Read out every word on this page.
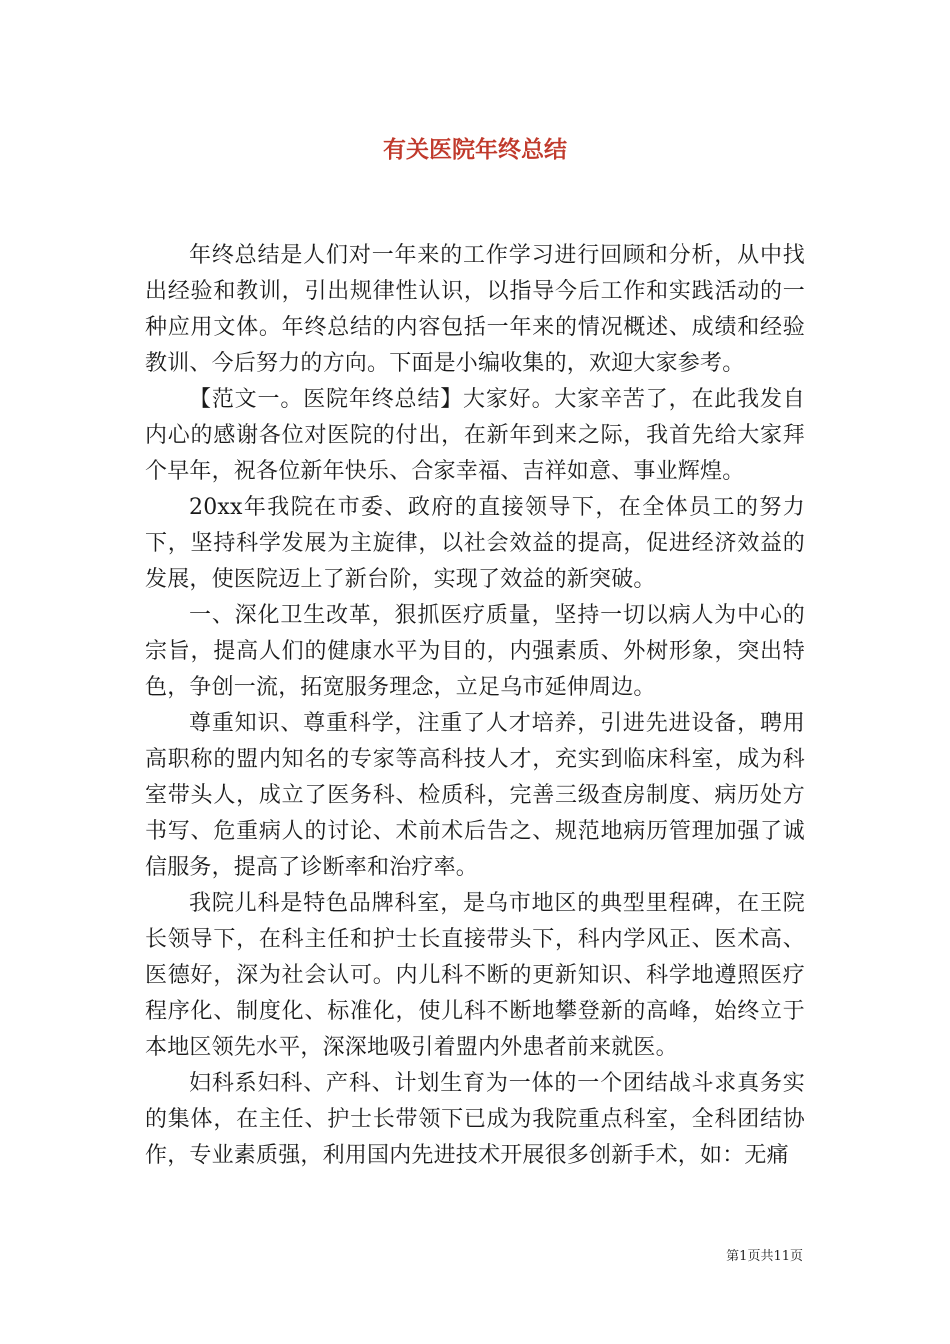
有关医院年终总结

年终总结是人们对一年来的工作学习进行回顾和分析，从中找出经验和教训，引出规律性认识，以指导今后工作和实践活动的一种应用文体。年终总结的内容包括一年来的情况概述、成绩和经验教训、今后努力的方向。下面是小编收集的，欢迎大家参考。

【范文一。医院年终总结】大家好。大家辛苦了，在此我发自内心的感谢各位对医院的付出，在新年到来之际，我首先给大家拜个早年，祝各位新年快乐、合家幸福、吉祥如意、事业辉煌。

20xx年我院在市委、政府的直接领导下，在全体员工的努力下，坚持科学发展为主旋律，以社会效益的提高，促进经济效益的发展，使医院迈上了新台阶，实现了效益的新突破。

一、深化卫生改革，狠抓医疗质量，坚持一切以病人为中心的宗旨，提高人们的健康水平为目的，内强素质、外树形象，突出特色，争创一流，拓宽服务理念，立足乌市延伸周边。

尊重知识、尊重科学，注重了人才培养，引进先进设备，聘用高职称的盟内知名的专家等高科技人才，充实到临床科室，成为科室带头人，成立了医务科、检质科，完善三级查房制度、病历处方书写、危重病人的讨论、术前术后告之、规范地病历管理加强了诚信服务，提高了诊断率和治疗率。

我院儿科是特色品牌科室，是乌市地区的典型里程碑，在王院长领导下，在科主任和护士长直接带头下，科内学风正、医术高、医德好，深为社会认可。内儿科不断的更新知识、科学地遵照医疗程序化、制度化、标准化，使儿科不断地攀登新的高峰，始终立于本地区领先水平，深深地吸引着盟内外患者前来就医。

妇科系妇科、产科、计划生育为一体的一个团结战斗求真务实的集体，在主任、护士长带领下已成为我院重点科室，全科团结协作，专业素质强，利用国内先进技术开展很多创新手术，如：无痛

第1页共11页
